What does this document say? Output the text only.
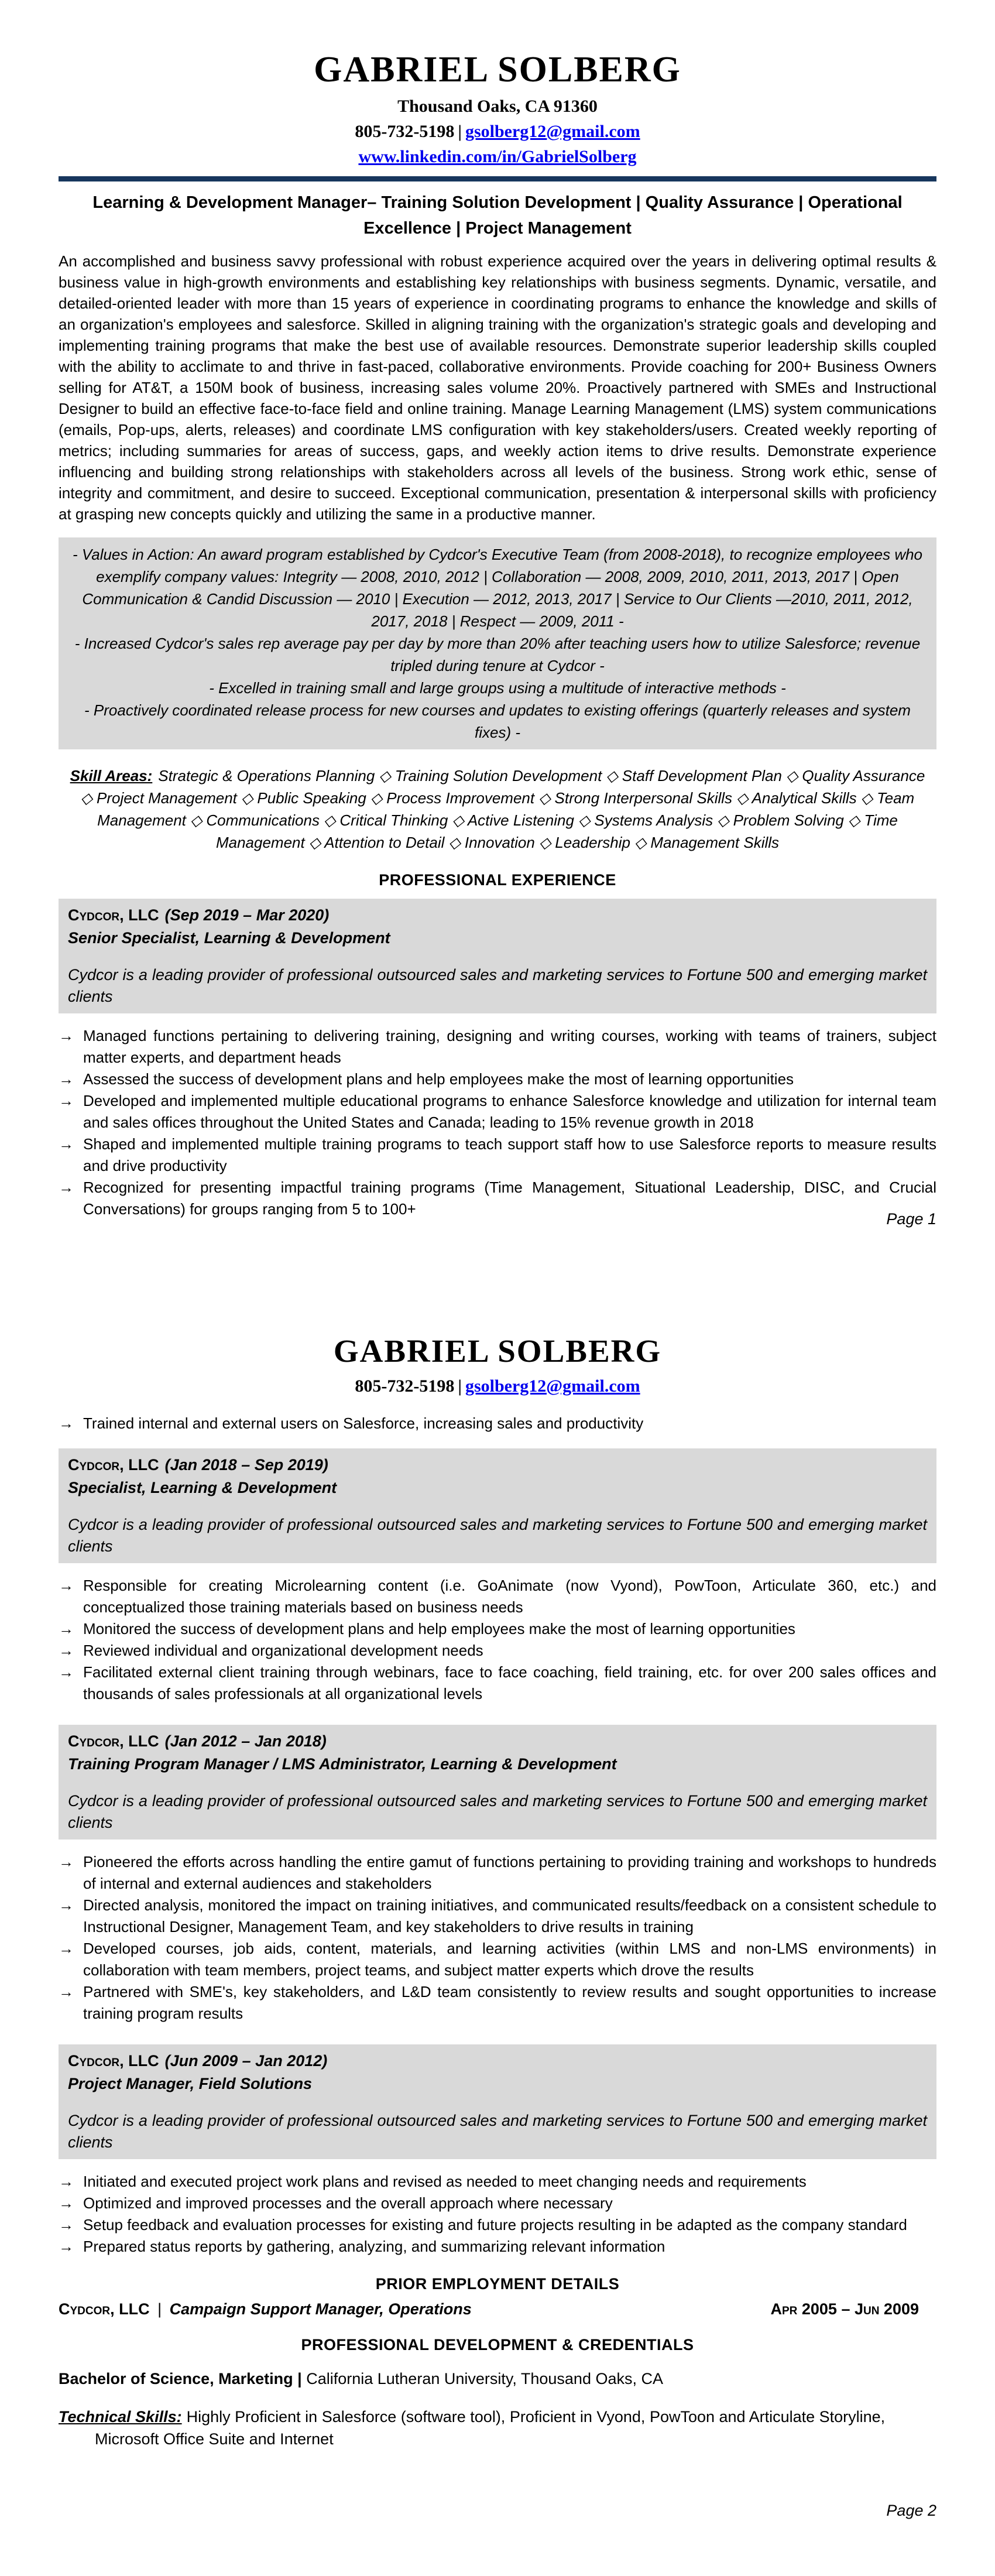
GABRIEL SOLBERG
Thousand Oaks, CA 91360
805-732-5198 | gsolberg12@gmail.com
www.linkedin.com/in/GabrielSolberg
Learning & Development Manager– Training Solution Development | Quality Assurance | Operational Excellence | Project Management

An accomplished and business savvy professional with robust experience acquired over the years in delivering optimal results & business value in high-growth environments and establishing key relationships with business segments. Dynamic, versatile, and detailed-oriented leader with more than 15 years of experience in coordinating programs to enhance the knowledge and skills of an organization's employees and salesforce. Skilled in aligning training with the organization's strategic goals and developing and implementing training programs that make the best use of available resources. Demonstrate superior leadership skills coupled with the ability to acclimate to and thrive in fast-paced, collaborative environments. Provide coaching for 200+ Business Owners selling for AT&T, a 150M book of business, increasing sales volume 20%. Proactively partnered with SMEs and Instructional Designer to build an effective face-to-face field and online training. Manage Learning Management (LMS) system communications (emails, Pop-ups, alerts, releases) and coordinate LMS configuration with key stakeholders/users. Created weekly reporting of metrics; including summaries for areas of success, gaps, and weekly action items to drive results. Demonstrate experience influencing and building strong relationships with stakeholders across all levels of the business. Strong work ethic, sense of integrity and commitment, and desire to succeed. Exceptional communication, presentation & interpersonal skills with proficiency at grasping new concepts quickly and utilizing the same in a productive manner.

- Values in Action: An award program established by Cydcor's Executive Team (from 2008-2018), to recognize employees who exemplify company values: Integrity — 2008, 2010, 2012 | Collaboration — 2008, 2009, 2010, 2011, 2013, 2017 | Open Communication & Candid Discussion — 2010 | Execution — 2012, 2013, 2017 | Service to Our Clients —2010, 2011, 2012, 2017, 2018 | Respect — 2009, 2011 -

- Increased Cydcor's sales rep average pay per day by more than 20% after teaching users how to utilize Salesforce; revenue tripled during tenure at Cydcor -

- Excelled in training small and large groups using a multitude of interactive methods -

- Proactively coordinated release process for new courses and updates to existing offerings (quarterly releases and system fixes) -

Skill Areas: Strategic & Operations Planning ◇ Training Solution Development ◇ Staff Development Plan ◇ Quality Assurance ◇ Project Management ◇ Public Speaking ◇ Process Improvement ◇ Strong Interpersonal Skills ◇ Analytical Skills ◇ Team Management ◇ Communications ◇ Critical Thinking ◇ Active Listening ◇ Systems Analysis ◇ Problem Solving ◇ Time Management ◇ Attention to Detail ◇ Innovation ◇ Leadership ◇ Management Skills

PROFESSIONAL EXPERIENCE
Cydcor, LLC (Sep 2019 – Mar 2020)
Senior Specialist, Learning & Development
Cydcor is a leading provider of professional outsourced sales and marketing services to Fortune 500 and emerging market clients
→ Managed functions pertaining to delivering training, designing and writing courses, working with teams of trainers, subject matter experts, and department heads
→ Assessed the success of development plans and help employees make the most of learning opportunities
→ Developed and implemented multiple educational programs to enhance Salesforce knowledge and utilization for internal team and sales offices throughout the United States and Canada; leading to 15% revenue growth in 2018
→ Shaped and implemented multiple training programs to teach support staff how to use Salesforce reports to measure results and drive productivity
→ Recognized for presenting impactful training programs (Time Management, Situational Leadership, DISC, and Crucial Conversations) for groups ranging from 5 to 100+
Page 1
GABRIEL SOLBERG
805-732-5198 | gsolberg12@gmail.com
→ Trained internal and external users on Salesforce, increasing sales and productivity
Cydcor, LLC (Jan 2018 – Sep 2019)
Specialist, Learning & Development
Cydcor is a leading provider of professional outsourced sales and marketing services to Fortune 500 and emerging market clients
→ Responsible for creating Microlearning content (i.e. GoAnimate (now Vyond), PowToon, Articulate 360, etc.) and conceptualized those training materials based on business needs
→ Monitored the success of development plans and help employees make the most of learning opportunities
→ Reviewed individual and organizational development needs
→ Facilitated external client training through webinars, face to face coaching, field training, etc. for over 200 sales offices and thousands of sales professionals at all organizational levels
Cydcor, LLC (Jan 2012 – Jan 2018)
Training Program Manager / LMS Administrator, Learning & Development
Cydcor is a leading provider of professional outsourced sales and marketing services to Fortune 500 and emerging market clients
→ Pioneered the efforts across handling the entire gamut of functions pertaining to providing training and workshops to hundreds of internal and external audiences and stakeholders
→ Directed analysis, monitored the impact on training initiatives, and communicated results/feedback on a consistent schedule to Instructional Designer, Management Team, and key stakeholders to drive results in training
→ Developed courses, job aids, content, materials, and learning activities (within LMS and non-LMS environments) in collaboration with team members, project teams, and subject matter experts which drove the results
→ Partnered with SME's, key stakeholders, and L&D team consistently to review results and sought opportunities to increase training program results
Cydcor, LLC (Jun 2009 – Jan 2012)
Project Manager, Field Solutions
Cydcor is a leading provider of professional outsourced sales and marketing services to Fortune 500 and emerging market clients
→ Initiated and executed project work plans and revised as needed to meet changing needs and requirements
→ Optimized and improved processes and the overall approach where necessary
→ Setup feedback and evaluation processes for existing and future projects resulting in be adapted as the company standard
→ Prepared status reports by gathering, analyzing, and summarizing relevant information
PRIOR EMPLOYMENT DETAILS
Cydcor, LLC | Campaign Support Manager, Operations	Apr 2005 – Jun 2009
PROFESSIONAL DEVELOPMENT & CREDENTIALS

Bachelor of Science, Marketing | California Lutheran University, Thousand Oaks, CA

Technical Skills: Highly Proficient in Salesforce (software tool), Proficient in Vyond, PowToon and Articulate Storyline, Microsoft Office Suite and Internet

Page 2
